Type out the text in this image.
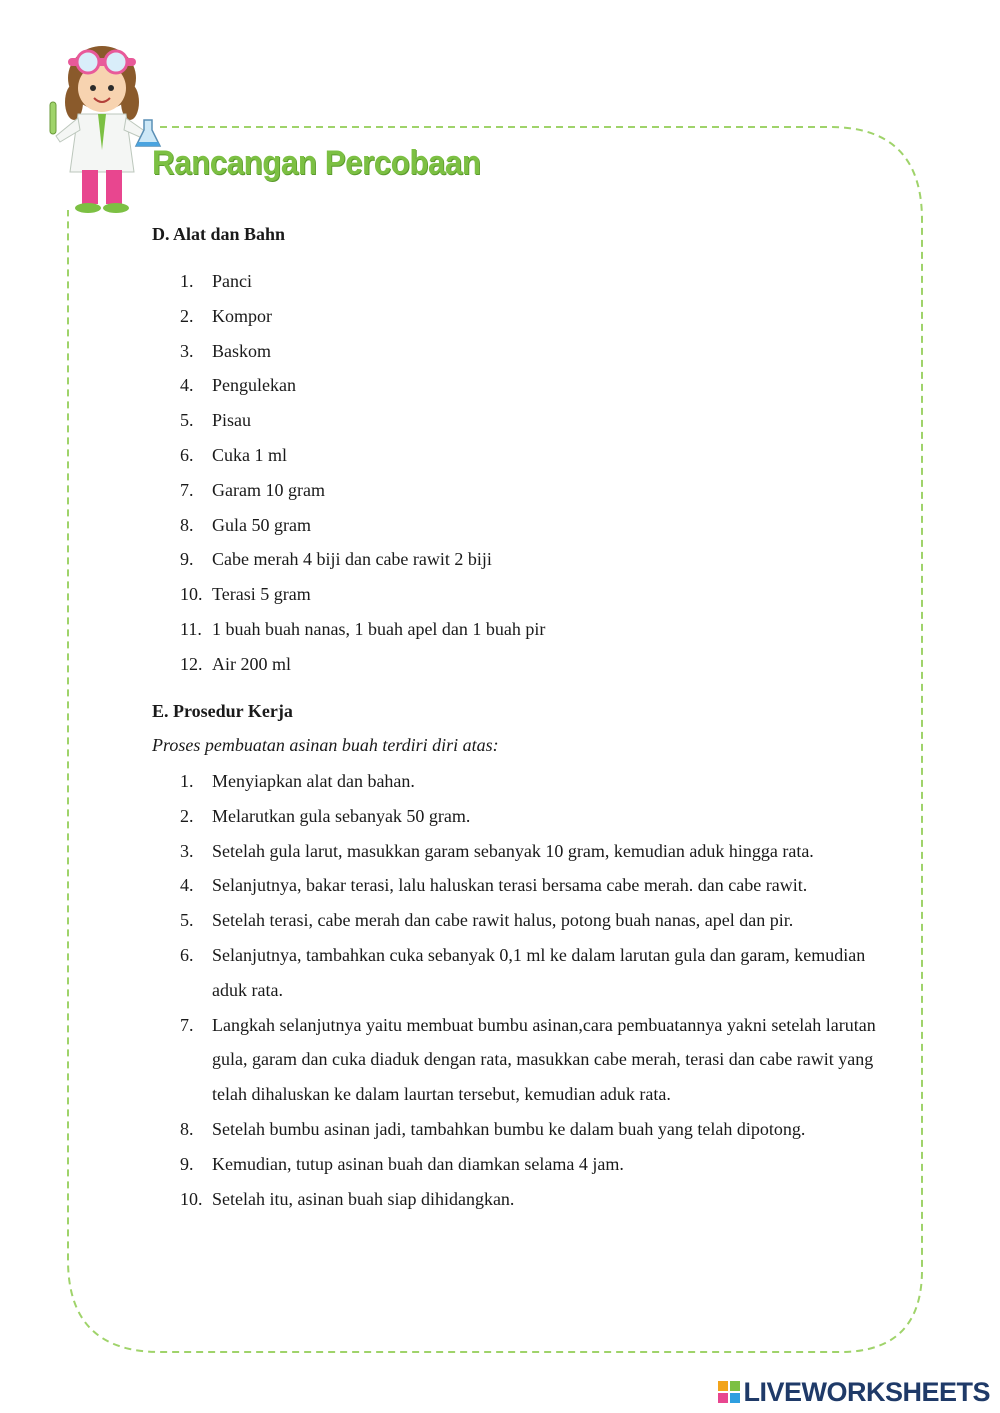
Rancangan Percobaan
D. Alat dan Bahn
1. Panci
2. Kompor
3. Baskom
4. Pengulekan
5. Pisau
6. Cuka 1 ml
7. Garam 10 gram
8. Gula 50 gram
9. Cabe merah 4 biji dan cabe rawit 2 biji
10. Terasi 5 gram
11. 1 buah buah nanas, 1 buah apel dan 1 buah pir
12. Air 200 ml
E. Prosedur Kerja
Proses pembuatan asinan buah terdiri diri atas:
1. Menyiapkan alat dan bahan.
2. Melarutkan gula sebanyak 50 gram.
3. Setelah gula larut, masukkan garam sebanyak 10 gram, kemudian aduk hingga rata.
4. Selanjutnya, bakar terasi, lalu haluskan terasi bersama cabe merah. dan cabe rawit.
5. Setelah terasi, cabe merah dan cabe rawit halus, potong buah nanas, apel dan pir.
6. Selanjutnya, tambahkan cuka sebanyak 0,1 ml ke dalam larutan gula dan garam, kemudian aduk rata.
7. Langkah selanjutnya yaitu membuat bumbu asinan,cara pembuatannya yakni setelah larutan gula, garam dan cuka diaduk dengan rata, masukkan cabe merah, terasi dan cabe rawit yang telah dihaluskan ke dalam laurtan tersebut, kemudian aduk rata.
8. Setelah bumbu asinan jadi, tambahkan bumbu ke dalam buah yang telah dipotong.
9. Kemudian, tutup asinan buah dan diamkan selama 4 jam.
10. Setelah itu, asinan buah siap dihidangkan.
LIVEWORKSHEETS
